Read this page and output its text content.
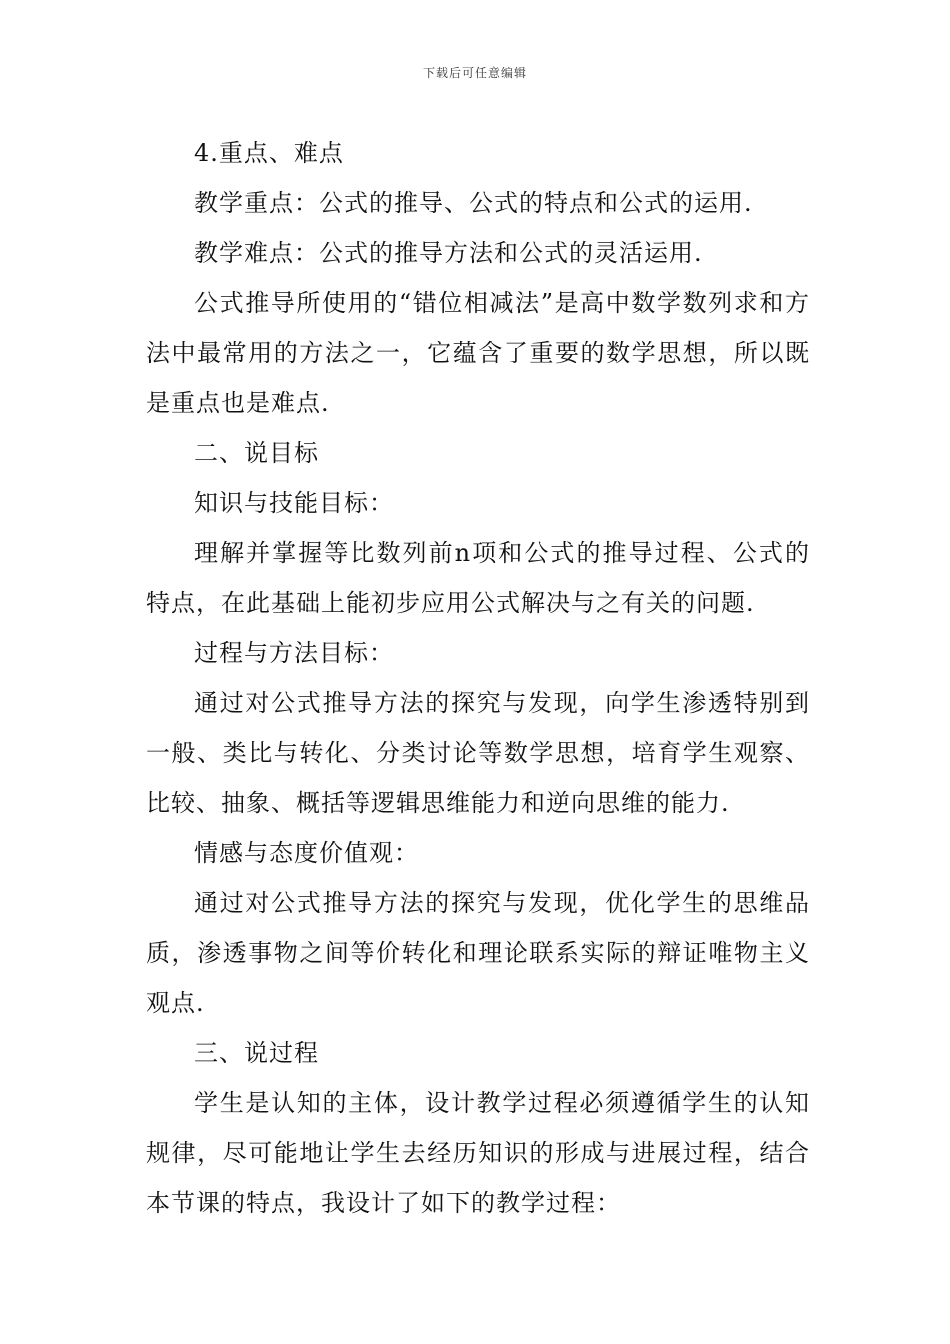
下载后可任意编辑

4.重点、难点

教学重点：公式的推导、公式的特点和公式的运用.

教学难点：公式的推导方法和公式的灵活运用.

公式推导所使用的“错位相减法”是高中数学数列求和方法中最常用的方法之一，它蕴含了重要的数学思想，所以既是重点也是难点.

二、说目标

知识与技能目标：

理解并掌握等比数列前n项和公式的推导过程、公式的特点，在此基础上能初步应用公式解决与之有关的问题.

过程与方法目标：

通过对公式推导方法的探究与发现，向学生渗透特别到一般、类比与转化、分类讨论等数学思想，培育学生观察、比较、抽象、概括等逻辑思维能力和逆向思维的能力.

情感与态度价值观：

通过对公式推导方法的探究与发现，优化学生的思维品质，渗透事物之间等价转化和理论联系实际的辩证唯物主义观点.

三、说过程

学生是认知的主体，设计教学过程必须遵循学生的认知规律，尽可能地让学生去经历知识的形成与进展过程，结合本节课的特点，我设计了如下的教学过程：
